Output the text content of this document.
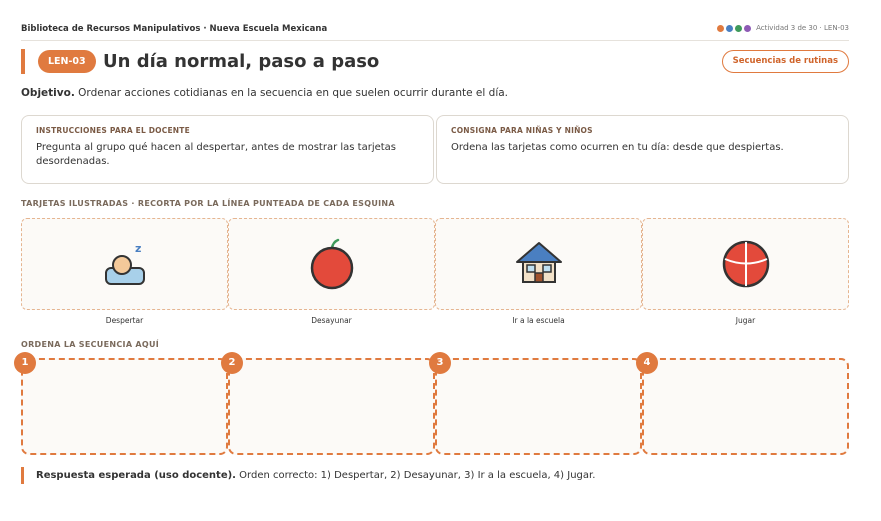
Biblioteca de Recursos Manipulativos · Nueva Escuela Mexicana	Actividad 3 de 30 · LEN-03
LEN-03 Un día normal, paso a paso	Secuencias de rutinas

Objetivo. Ordenar acciones cotidianas en la secuencia en que suelen ocurrir durante el día.

INSTRUCCIONES PARA EL DOCENTE
Pregunta al grupo qué hacen al despertar, antes de mostrar las tarjetas desordenadas.
CONSIGNA PARA NIÑAS Y NIÑOS
Ordena las tarjetas como ocurren en tu día: desde que despiertas.
TARJETAS ILUSTRADAS · RECORTA POR LA LÍNEA PUNTEADA DE CADA ESQUINA
z
Despertar	Desayunar	Ir a la escuela	Jugar
ORDENA LA SECUENCIA AQUÍ
1	2	3	4

Respuesta esperada (uso docente). Orden correcto: 1) Despertar, 2) Desayunar, 3) Ir a la escuela, 4) Jugar.
